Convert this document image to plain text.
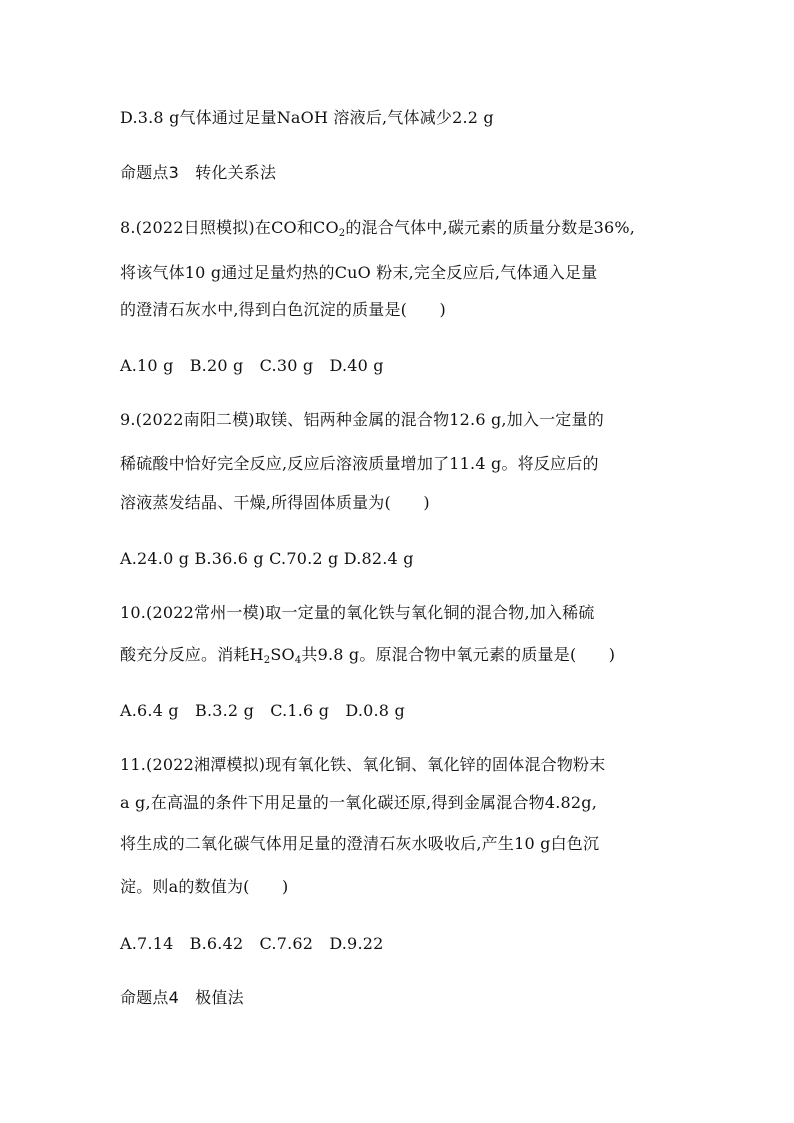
D.3.8 g气体通过足量NaOH 溶液后,气体减少2.2 g
命题点3　转化关系法
8.(2022日照模拟)在CO和$CO_2$的混合气体中,碳元素的质量分数是36%,
将该气体10 g通过足量灼热的CuO 粉末,完全反应后,气体通入足量
的澄清石灰水中,得到白色沉淀的质量是(　　)
A.10 g　B.20 g　C.30 g　D.40 g
9.(2022南阳二模)取镁、铝两种金属的混合物12.6 g,加入一定量的
稀硫酸中恰好完全反应,反应后溶液质量增加了11.4 g。将反应后的
溶液蒸发结晶、干燥,所得固体质量为(　　)
A.24.0 g B.36.6 g C.70.2 g D.82.4 g
10.(2022常州一模)取一定量的氧化铁与氧化铜的混合物,加入稀硫
酸充分反应。消耗$H_2SO_4$共9.8 g。原混合物中氧元素的质量是(　　)
A.6.4 g　B.3.2 g　C.1.6 g　D.0.8 g
11.(2022湘潭模拟)现有氧化铁、氧化铜、氧化锌的固体混合物粉末
a g,在高温的条件下用足量的一氧化碳还原,得到金属混合物4.82g,
将生成的二氧化碳气体用足量的澄清石灰水吸收后,产生10 g白色沉
淀。则a的数值为(　　)
A.7.14　B.6.42　C.7.62　D.9.22
命题点4　极值法
